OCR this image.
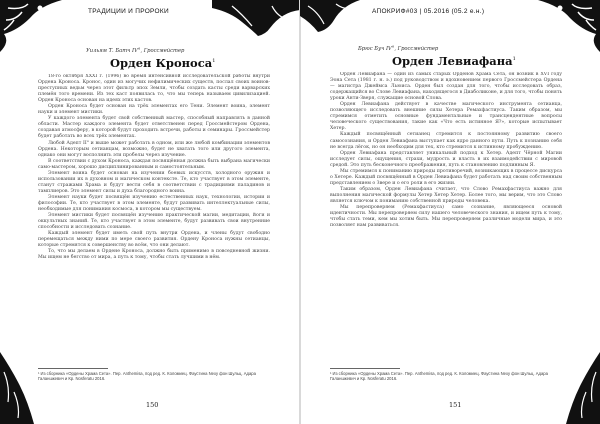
ТРАДИЦИИ И ПРОРОКИ
Уильям Т. Батч IV°, Гроссмейстер
Орден Кроноса$^1$

18-го октября XXXI г. (1996) во время интенсивной исследовательской работы внутри Ордена Кроноса. Кронос, один из могучих нефилимических существ, послал своих воинов-преступных ведьм через этот фильтр эпох Земли, чтобы создать касты среди варварских племён того времени. Из тех каст появилась то, что мы теперь называем цивилизацией. Орден Кроноса основан на идеях этих кастов.

Орден Кроноса будет основан на трёх элементах его Тени. Элемент воина, элемент науки и элемент мистики.

У каждого элемента будет свой собственный мастер, способный направлять в данной области. Мастер каждого элемента будет ответственен перед Гроссмейстером Ордена, создавая атмосферу, в которой будут проходить встречи, работы и семинары. Гроссмейстер будет работать во всех трёх элементах.

Любой Адепт II° и выше может работать в одном, или же любой комбинации элементов Ордена. Некоторым сетианцам, возможно, будет не хватать того или другого элемента, однако они могут восполнить эти пробелы через изучение.

В соответствии с духом Кроноса, каждая посвящённая должна быть выбрана магически само-мастером, хорошо дисциплинированным и самостоятельным.

Элемент воина будет основан на изучении боевых искусств, холодного оружия и использовании их в духовном и магическом контексте. Те, кто участвует в этом элементе, станут стражами Храма и будут вести себя в соответствии с традициями паладинов и тамплиеров. Это элемент силы и духа благородного воина.

Элемент науки будет посвящён изучению естественных наук, технологии, истории и философии. Те, кто участвует в этом элементе, будут развивать интеллектуальные силы, необходимые для понимания космоса, в котором мы существуем.

Элемент мистики будет посвящён изучению практической магии, медитации, йоги и оккультных знаний. Те, кто участвует в этом элементе, будут развивать свои внутренние способности и исследовать сознание.

Каждый элемент будет иметь свой путь внутри Ордена, и члены будут свободно перемещаться между ними по мере своего развития. Ордену Кроноса нужны сетианцы, которые стремятся к совершенству во всём, что они делают.

То, что мы делаем в Ордене Кроноса, должно быть применимо в повседневной жизни. Мы ищем не бегство от мира, а путь к тому, чтобы стать лучшими в нём.

¹ Из сборника «Ордены Храма Сета». Пер. Anthemisa, под ред. К. Коломиец. Фаустина Nexy фон Шульц. Адара Галаншкевич и Кр. Nosferatu 2016.
150
АПОКРИФ#03 | 05.2016 (05.2 e.н.)
Брюс Буч IV°, Гроссмейстер
Орден Левиафана$^1$

Орден Левиафана — один из самых старых Орденов Храма Сета, он возник в XVI году Эона Сета (1981 г. н. э.) под руководством и вдохновением первого Гроссмейстера Ордена — магистра Джеймса Льюиса. Орден был создан для того, чтобы исследовать образ, содержащийся во Слове Левиафана, находящегося в Диаболиконе, и для того, чтобы понять уроки Анти-Зверя, служащие основой Слова.

Орден Левиафана действует в качестве магического инструмента сетианца, позволяющего исследовать внешние силы Хетера Ремахфастиуса. Таким образом, мы стремимся отметить основные фундаментальные и трансцендентные вопросы человеческого существования, такие как «Что есть истинное Я?», которые испытывает Хетер.

Каждый посвящённый сетианец стремится к постоянному развитию своего самосознания, и Орден Левиафана выступает как ядро данного пути. Путь к познанию себя не всегда лёгок, но он необходим для тех, кто стремится к истинному пробуждению.

Орден Левиафана представляет уникальный подход к Хетер. Адепт Чёрной Магии исследует силы, ощущения, страхи, мудрость и власть в их взаимодействии с мировой средой. Это путь бесконечного преображения, путь к становлению подлинным Я.

Мы стремимся к пониманию природы противоречий, возникающих в процессе дискурса о Хетере. Каждый посвящённый в Орден Левиафана будет работать над своим собственным представлением о Звере и о его роли в его жизни.

Таким образом, Орден Левиафана считает, что Слово Ремахфастиуса важно для выполнения магической формулы Хетер Хетер Хетер. Более того, мы верим, что это Слово является ключом к пониманию собственной природы человека.

Мы перепроверяем (Ремахфастиуса) само сознание, являющееся основой идентичности. Мы перепроверяем силу нашего человеческого знания, и ищем путь к тому, чтобы стать теми, кем мы хотим быть. Мы перепроверяем различные модели мира, и это позволяет нам развиваться.

¹ Из сборника «Ордены Храма Сета». Пер. Anthemisa, под ред. К. Коломиец. Фаустина Nexy фон Шульц. Адара Галаншкевич и Кр. Nosferatu 2016.
151
